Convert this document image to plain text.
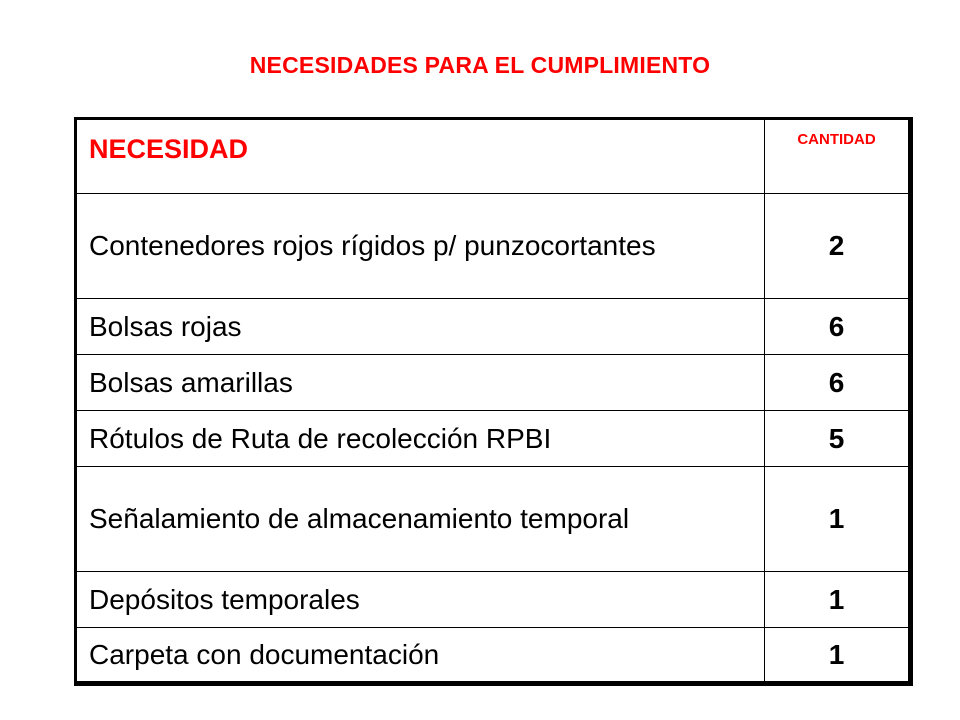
NECESIDADES PARA EL CUMPLIMIENTO
NECESIDAD	CANTIDAD
Contenedores rojos rígidos p/ punzocortantes	2
Bolsas rojas	6
Bolsas amarillas	6
Rótulos de Ruta de recolección RPBI	5
Señalamiento de almacenamiento temporal	1
Depósitos temporales	1
Carpeta con documentación	1
